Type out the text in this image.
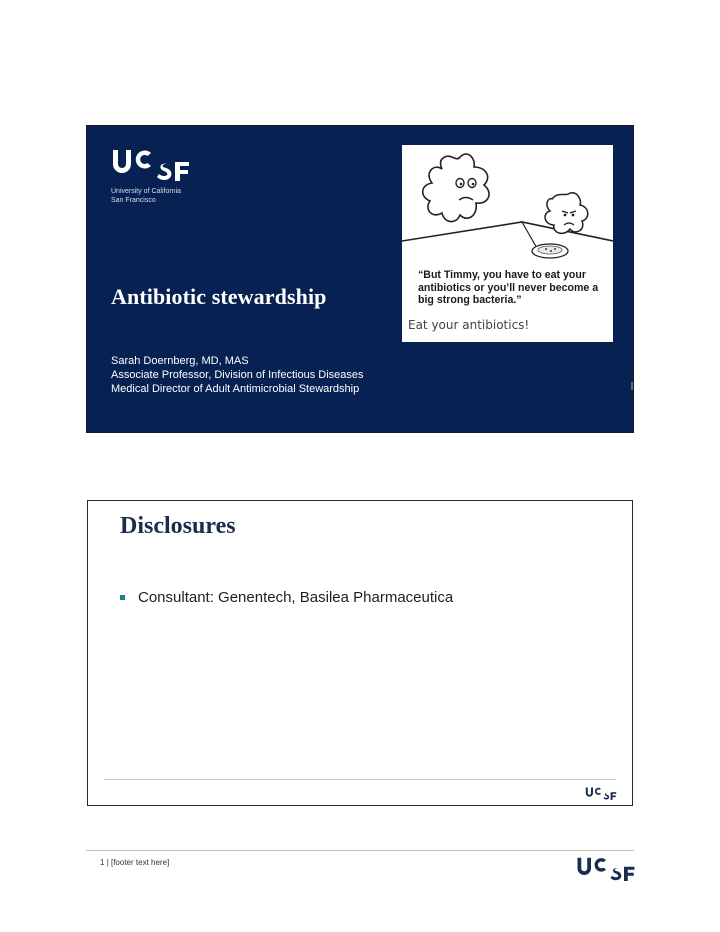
University of California
San Francisco
Antibiotic stewardship

Sarah Doernberg, MD, MAS
Associate Professor, Division of Infectious Diseases
Medical Director of Adult Antimicrobial Stewardship

“But Timmy, you have to eat your antibiotics or you’ll never become a big strong bacteria.”

Eat your antibiotics!

Disclosures
Consultant: Genentech, Basilea Pharmaceutica

1 | [footer text here]
